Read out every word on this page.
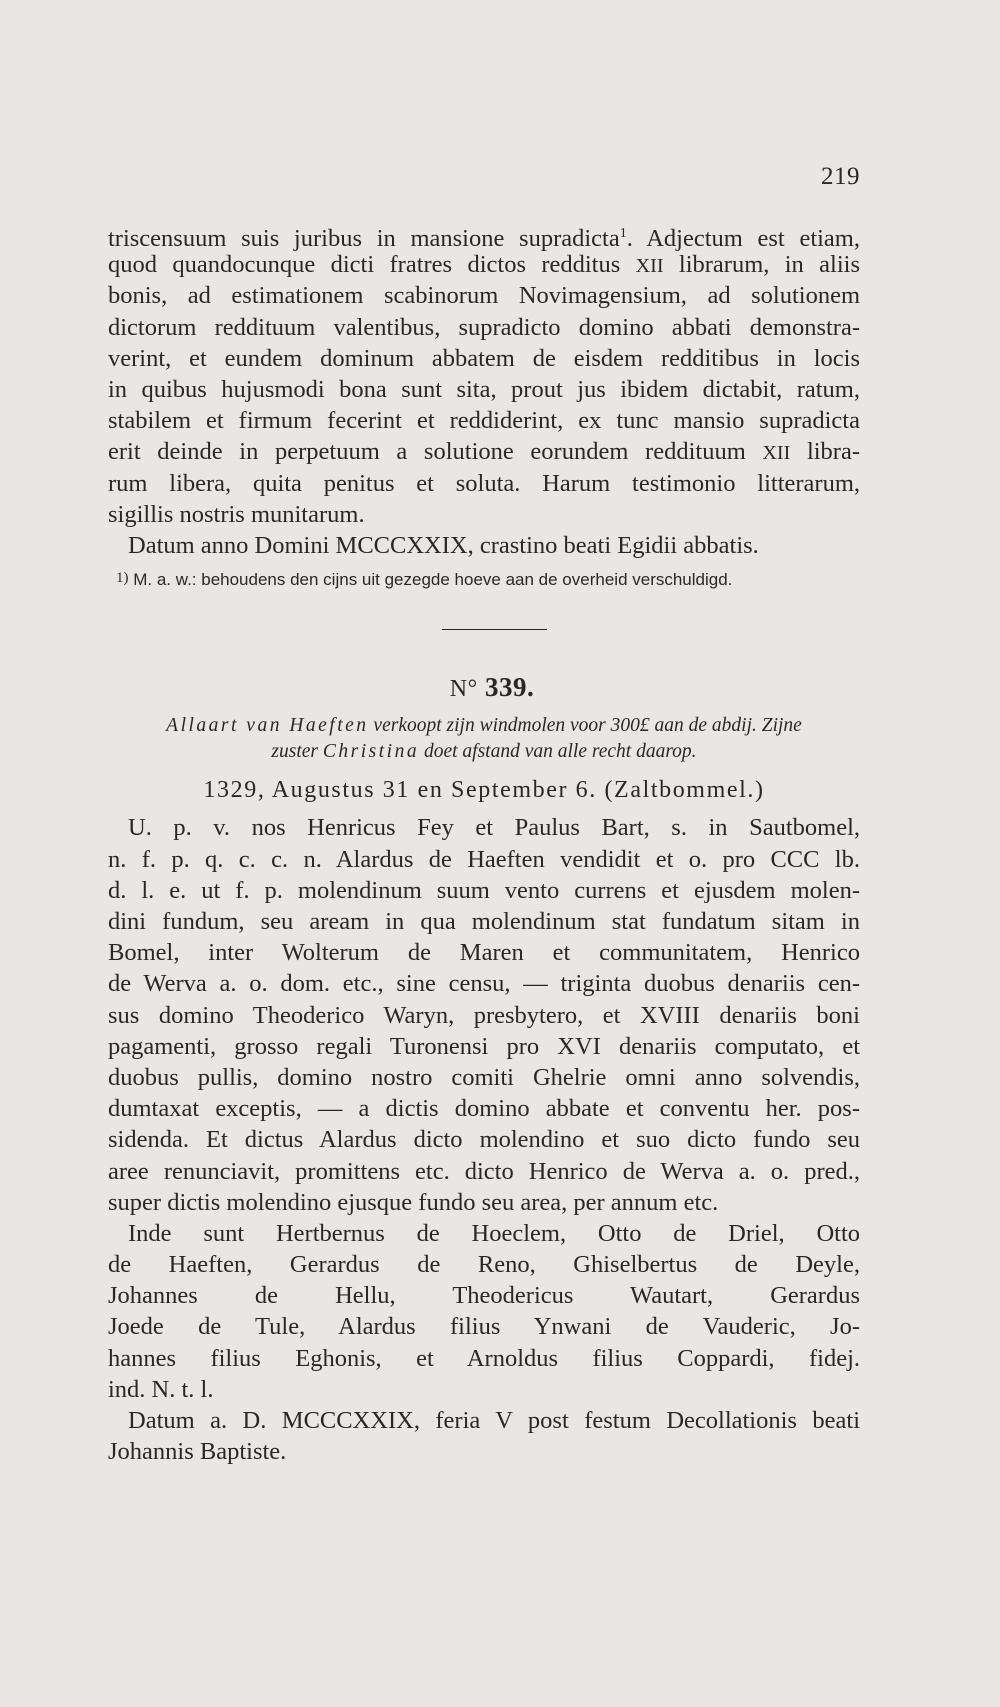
219
triscensuum suis juribus in mansione supradicta$^1$. Adjectum est etiam,
quod quandocunque dicti fratres dictos redditus XII librarum, in aliis
bonis, ad estimationem scabinorum Novimagensium, ad solutionem
dictorum reddituum valentibus, supradicto domino abbati demonstra-
verint, et eundem dominum abbatem de eisdem redditibus in locis
in quibus hujusmodi bona sunt sita, prout jus ibidem dictabit, ratum,
stabilem et firmum fecerint et reddiderint, ex tunc mansio supradicta
erit deinde in perpetuum a solutione eorundem reddituum XII libra-
rum libera, quita penitus et soluta. Harum testimonio litterarum,
sigillis nostris munitarum.
Datum anno Domini MCCCXXIX, crastino beati Egidii abbatis.
1) M. a. w.: behoudens den cijns uit gezegde hoeve aan de overheid verschuldigd.
N° 339.
Allaart van Haeften verkoopt zijn windmolen voor 300£ aan de abdij. Zijne
zuster Christina doet afstand van alle recht daarop.
1329, Augustus 31 en September 6. (Zaltbommel.)
U. p. v. nos Henricus Fey et Paulus Bart, s. in Sautbomel,
n. f. p. q. c. c. n. Alardus de Haeften vendidit et o. pro CCC lb.
d. l. e. ut f. p. molendinum suum vento currens et ejusdem molen-
dini fundum, seu aream in qua molendinum stat fundatum sitam in
Bomel, inter Wolterum de Maren et communitatem, Henrico
de Werva a. o. dom. etc., sine censu, — triginta duobus denariis cen-
sus domino Theoderico Waryn, presbytero, et XVIII denariis boni
pagamenti, grosso regali Turonensi pro XVI denariis computato, et
duobus pullis, domino nostro comiti Ghelrie omni anno solvendis,
dumtaxat exceptis, — a dictis domino abbate et conventu her. pos-
sidenda. Et dictus Alardus dicto molendino et suo dicto fundo seu
aree renunciavit, promittens etc. dicto Henrico de Werva a. o. pred.,
super dictis molendino ejusque fundo seu area, per annum etc.
Inde sunt Hertbernus de Hoeclem, Otto de Driel, Otto
de Haeften, Gerardus de Reno, Ghiselbertus de Deyle,
Johannes de Hellu, Theodericus Wautart, Gerardus
Joede de Tule, Alardus filius Ynwani de Vauderic, Jo-
hannes filius Eghonis, et Arnoldus filius Coppardi, fidej.
ind. N. t. l.
Datum a. D. MCCCXXIX, feria V post festum Decollationis beati
Johannis Baptiste.
